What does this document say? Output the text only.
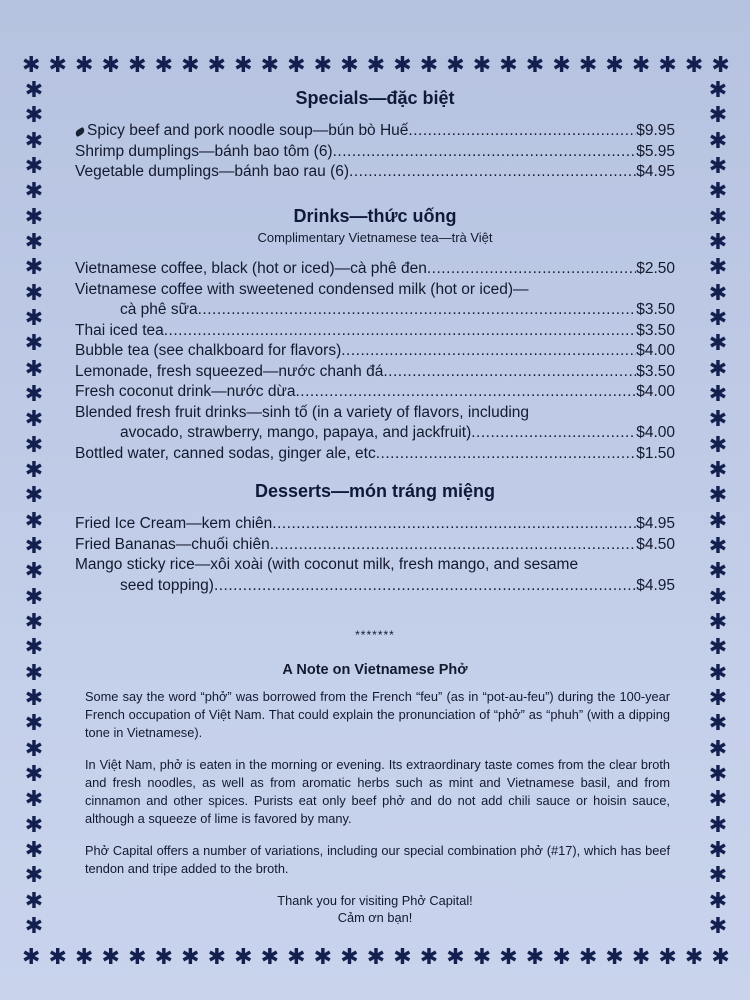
✱ ✱ ✱ ✱ ✱ ✱ ✱ ✱ ✱ ✱ ✱ ✱ ✱ ✱ ✱ ✱ ✱ ✱ ✱ ✱ ✱ ✱ ✱ ✱ ✱ ✱ ✱
✱ ✱ ✱ ✱ ✱ ✱ ✱ ✱ ✱ ✱ ✱ ✱ ✱ ✱ ✱ ✱ ✱ ✱ ✱ ✱ ✱ ✱ ✱ ✱ ✱ ✱ ✱
✱
✱
✱
✱
✱
✱
✱
✱
✱
✱
✱
✱
✱
✱
✱
✱
✱
✱
✱
✱
✱
✱
✱
✱
✱
✱
✱
✱
✱
✱
✱
✱
✱
✱
✱
✱
✱
✱
✱
✱
✱
✱
✱
✱
✱
✱
✱
✱
✱
✱
✱
✱
✱
✱
✱
✱
✱
✱
✱
✱
✱
✱
✱
✱
✱
✱
✱
✱
Specials—đặc biệt
Spicy beef and pork noodle soup—bún bò Huế .....	$9.95
Shrimp dumplings—bánh bao tôm (6) .....	$5.95
Vegetable dumplings—bánh bao rau (6) .....	$4.95
Drinks—thức uống
Complimentary Vietnamese tea—trà Việt
Vietnamese coffee, black (hot or iced)—cà phê đen .....	$2.50
Vietnamese coffee with sweetened condensed milk (hot or iced)—
cà phê sữa .....	$3.50
Thai iced tea .....	$3.50
Bubble tea (see chalkboard for flavors) .....	$4.00
Lemonade, fresh squeezed—nước chanh đá .....	$3.50
Fresh coconut drink—nước dừa .....	$4.00
Blended fresh fruit drinks—sinh tố (in a variety of flavors, including
avocado, strawberry, mango, papaya, and jackfruit) .....	$4.00
Bottled water, canned sodas, ginger ale, etc .....	$1.50
Desserts—món tráng miệng
Fried Ice Cream—kem chiên .....	$4.95
Fried Bananas—chuối chiên .....	$4.50
Mango sticky rice—xôi xoài (with coconut milk, fresh mango, and sesame
seed topping) .....	$4.95
*******
A Note on Vietnamese Phở

Some say the word “phở” was borrowed from the French “feu” (as in “pot-au-feu”) during the 100-year French occupation of Việt Nam. That could explain the pronunciation of “phở” as “phuh” (with a dipping tone in Vietnamese).

In Việt Nam, phở is eaten in the morning or evening. Its extraordinary taste comes from the clear broth and fresh noodles, as well as from aromatic herbs such as mint and Vietnamese basil, and from cinnamon and other spices. Purists eat only beef phở and do not add chili sauce or hoisin sauce, although a squeeze of lime is favored by many.

Phở Capital offers a number of variations, including our special combination phở (#17), which has beef tendon and tripe added to the broth.

Thank you for visiting Phở Capital!
Cảm ơn bạn!
